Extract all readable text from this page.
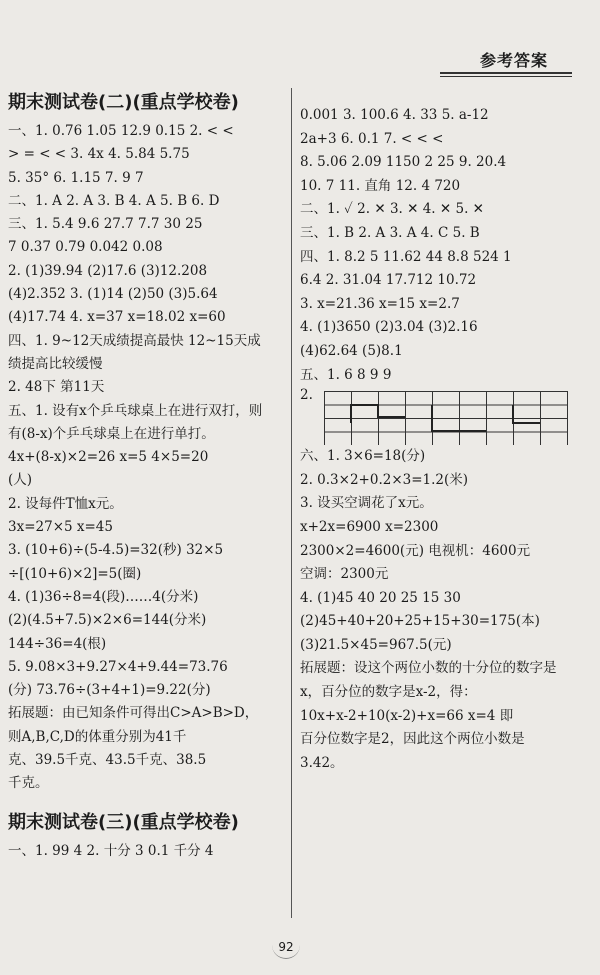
参考答案
期末测试卷(二)(重点学校卷)
一、1. 0.76 1.05 12.9 0.15 2. < <
> = < < 3. 4x 4. 5.84 5.75
5. 35° 6. 1.15 7. 9 7
二、1. A 2. A 3. B 4. A 5. B 6. D
三、1. 5.4 9.6 27.7 7.7 30 25
7 0.37 0.79 0.042 0.08
2. (1)39.94 (2)17.6 (3)12.208
(4)2.352 3. (1)14 (2)50 (3)5.64
(4)17.74 4. x=37 x=18.02 x=60
四、1. 9~12天成绩提高最快 12~15天成
绩提高比较缓慢
2. 48下 第11天
五、1. 设有x个乒乓球桌上在进行双打，则
有(8-x)个乒乓球桌上在进行单打。
4x+(8-x)×2=26 x=5 4×5=20
(人)
2. 设每件T恤x元。
3x=27×5 x=45
3. (10+6)÷(5-4.5)=32(秒) 32×5
÷[(10+6)×2]=5(圈)
4. (1)36÷8=4(段)……4(分米)
(2)(4.5+7.5)×2×6=144(分米)
144÷36=4(根)
5. 9.08×3+9.27×4+9.44=73.76
(分) 73.76÷(3+4+1)=9.22(分)
拓展题：由已知条件可得出C>A>B>D，
则A,B,C,D的体重分别为41千
克、39.5千克、43.5千克、38.5
千克。
期末测试卷(三)(重点学校卷)
一、1. 99 4 2. 十分 3 0.1 千分 4
0.001 3. 100.6 4. 33 5. a-12
2a+3 6. 0.1 7. < < <
8. 5.06 2.09 1150 2 25 9. 20.4
10. 7 11. 直角 12. 4 720
二、1. ✓ 2. ✕ 3. ✕ 4. ✕ 5. ✕
三、1. B 2. A 3. A 4. C 5. B
四、1. 8.2 5 11.62 44 8.8 524 1
6.4 2. 31.04 17.712 10.72
3. x=21.36 x=15 x=2.7
4. (1)3650 (2)3.04 (3)2.16
(4)62.64 (5)8.1
五、1. 6 8 9 9
2.
六、1. 3×6=18(分)
2. 0.3×2+0.2×3=1.2(米)
3. 设买空调花了x元。
x+2x=6900 x=2300
2300×2=4600(元) 电视机：4600元
空调：2300元
4. (1)45 40 20 25 15 30
(2)45+40+20+25+15+30=175(本)
(3)21.5×45=967.5(元)
拓展题：设这个两位小数的十分位的数字是
x，百分位的数字是x-2，得：
10x+x-2+10(x-2)+x=66 x=4 即
百分位数字是2，因此这个两位小数是
3.42。
92
